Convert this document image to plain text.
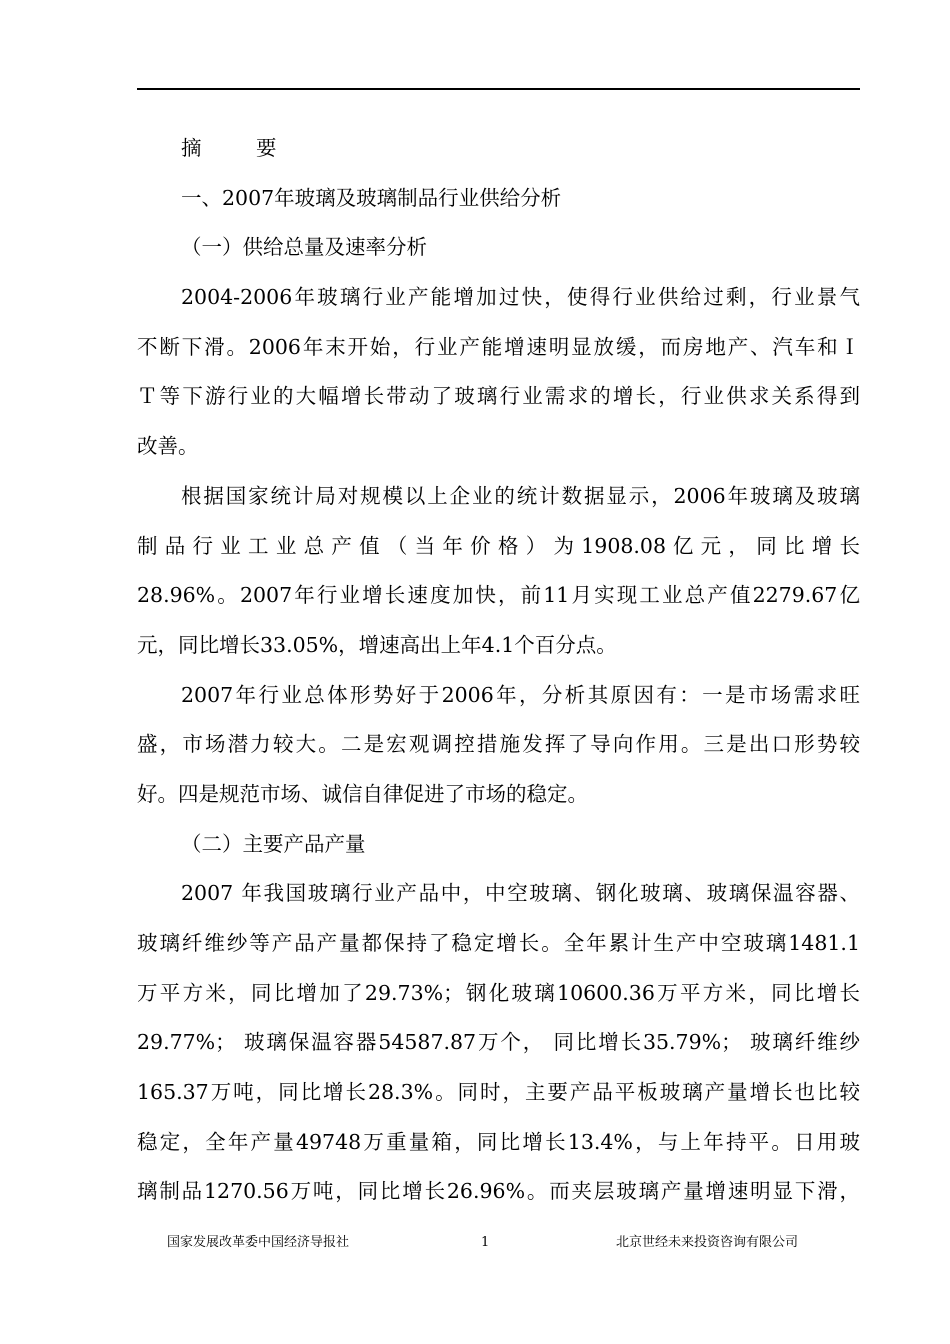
摘 要
一、2007年玻璃及玻璃制品行业供给分析
（一）供给总量及速率分析
2004-2006年玻璃行业产能增加过快，使得行业供给过剩，行业景气
不断下滑。2006年末开始，行业产能增速明显放缓，而房地产、汽车和Ｉ
Ｔ等下游行业的大幅增长带动了玻璃行业需求的增长，行业供求关系得到
改善。
根据国家统计局对规模以上企业的统计数据显示，2006年玻璃及玻璃
制 品 行 业 工 业 总 产 值 （ 当 年 价 格 ） 为 1908.08 亿 元 ， 同 比 增 长
28.96%。2007年行业增长速度加快，前11月实现工业总产值2279.67亿
元，同比增长33.05%，增速高出上年4.1个百分点。
2007年行业总体形势好于2006年，分析其原因有：一是市场需求旺
盛，市场潜力较大。二是宏观调控措施发挥了导向作用。三是出口形势较
好。四是规范市场、诚信自律促进了市场的稳定。
（二）主要产品产量
2007 年我国玻璃行业产品中，中空玻璃、钢化玻璃、玻璃保温容器、
玻璃纤维纱等产品产量都保持了稳定增长。全年累计生产中空玻璃1481.1
万平方米，同比增加了29.73%；钢化玻璃10600.36万平方米，同比增长
29.77%； 玻璃保温容器54587.87万个， 同比增长35.79%； 玻璃纤维纱
165.37万吨，同比增长28.3%。同时，主要产品平板玻璃产量增长也比较
稳定，全年产量49748万重量箱，同比增长13.4%，与上年持平。日用玻
璃制品1270.56万吨，同比增长26.96%。而夹层玻璃产量增速明显下滑，
国家发展改革委中国经济导报社	1	北京世经未来投资咨询有限公司
